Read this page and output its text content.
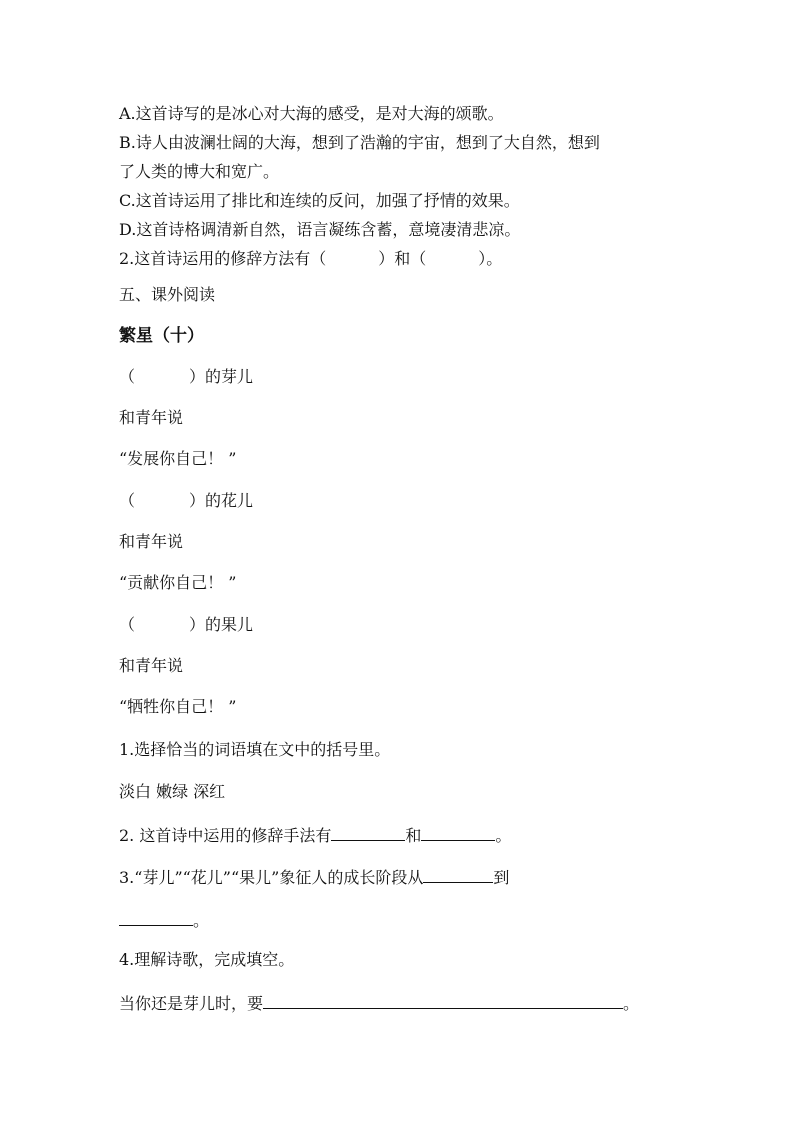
A.这首诗写的是冰心对大海的感受，是对大海的颂歌。
B.诗人由波澜壮阔的大海，想到了浩瀚的宇宙，想到了大自然，想到
了人类的博大和宽广。
C.这首诗运用了排比和连续的反问，加强了抒情的效果。
D.这首诗格调清新自然，语言凝练含蓄，意境凄清悲凉。
2.这首诗运用的修辞方法有（	）和（	）。
五、课外阅读
繁星（十）
（	）的芽儿
和青年说
“发展你自己！ ”
（	）的花儿
和青年说
“贡献你自己！ ”
（	）的果儿
和青年说
“牺牲你自己！ ”
1.选择恰当的词语填在文中的括号里。
淡白 嫩绿 深红
2. 这首诗中运用的修辞手法有	和	。
3.“芽儿”“花儿”“果儿”象征人的成长阶段从	到
。
4.理解诗歌，完成填空。
当你还是芽儿时，要	。
